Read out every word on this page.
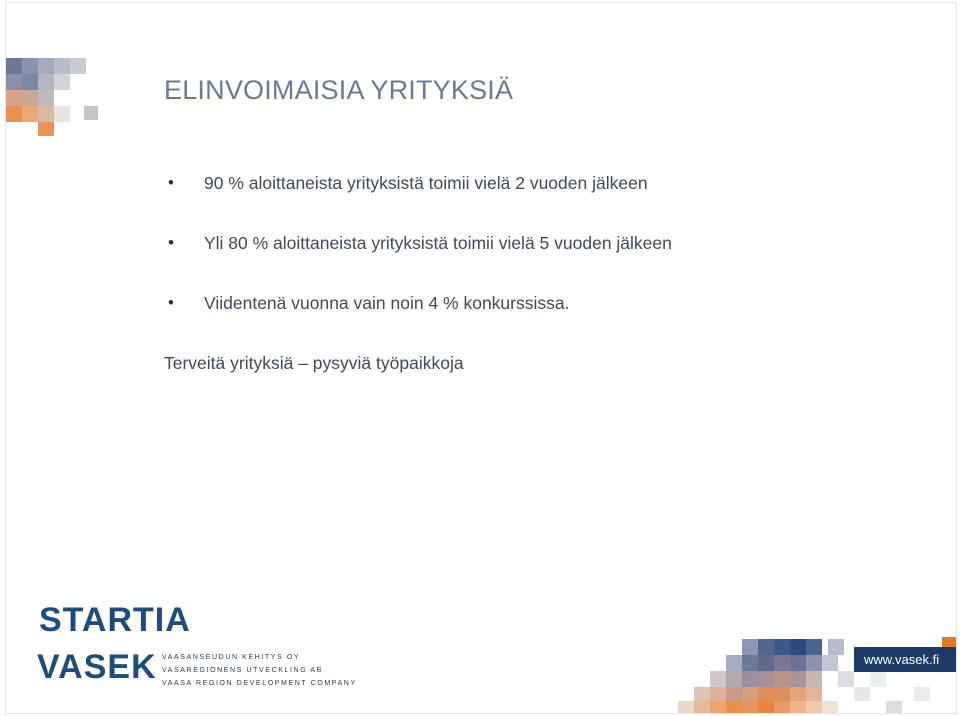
ELINVOIMAISIA YRITYKSIÄ
• 90 % aloittaneista yrityksistä toimii vielä 2 vuoden jälkeen
• Yli 80 % aloittaneista yrityksistä toimii vielä 5 vuoden jälkeen
• Viidentenä vuonna vain noin 4 % konkurssissa.
Terveitä yrityksiä – pysyviä työpaikkoja
STARTIA
VASEK VAASANSEUDUN KEHITYS OY
VASAREGIONENS UTVECKLING AB
VAASA REGION DEVELOPMENT COMPANY
www.vasek.fi
